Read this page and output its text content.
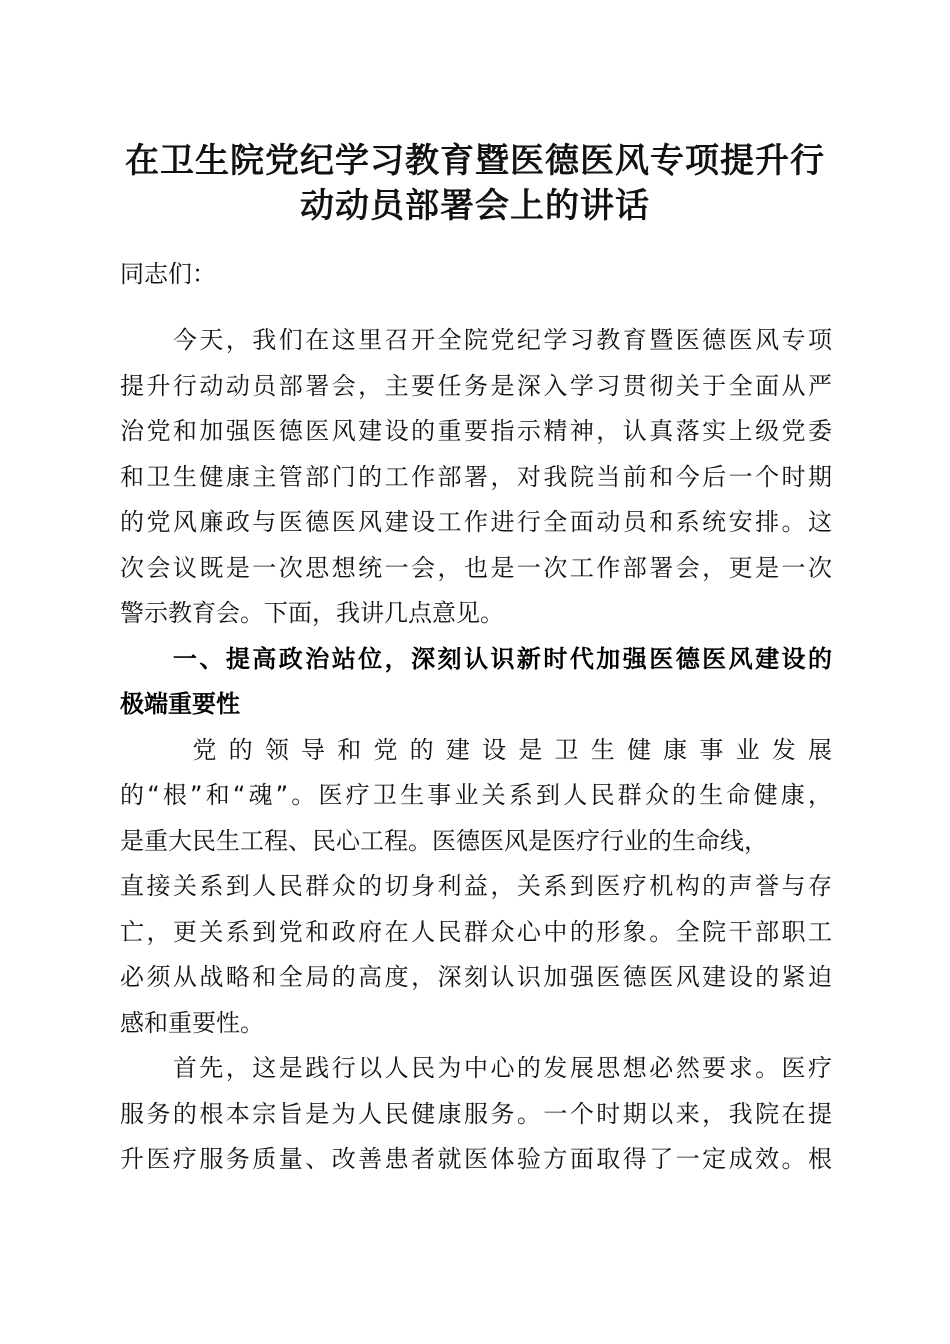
在卫生院党纪学习教育暨医德医风专项提升行
动动员部署会上的讲话
同志们：
　　今天，我们在这里召开全院党纪学习教育暨医德医风专项
提升行动动员部署会，主要任务是深入学习贯彻关于全面从严
治党和加强医德医风建设的重要指示精神，认真落实上级党委
和卫生健康主管部门的工作部署，对我院当前和今后一个时期
的党风廉政与医德医风建设工作进行全面动员和系统安排。这
次会议既是一次思想统一会，也是一次工作部署会，更是一次
警示教育会。下面，我讲几点意见。
　　一、提高政治站位，深刻认识新时代加强医德医风建设的
极端重要性
　　党的领导和党的建设是卫生健康事业发展
的“根”和“魂”。医疗卫生事业关系到人民群众的生命健康，
是重大民生工程、民心工程。医德医风是医疗行业的生命线，
直接关系到人民群众的切身利益，关系到医疗机构的声誉与存
亡，更关系到党和政府在人民群众心中的形象。全院干部职工
必须从战略和全局的高度，深刻认识加强医德医风建设的紧迫
感和重要性。
　　首先，这是践行以人民为中心的发展思想必然要求。医疗
服务的根本宗旨是为人民健康服务。一个时期以来，我院在提
升医疗服务质量、改善患者就医体验方面取得了一定成效。根
